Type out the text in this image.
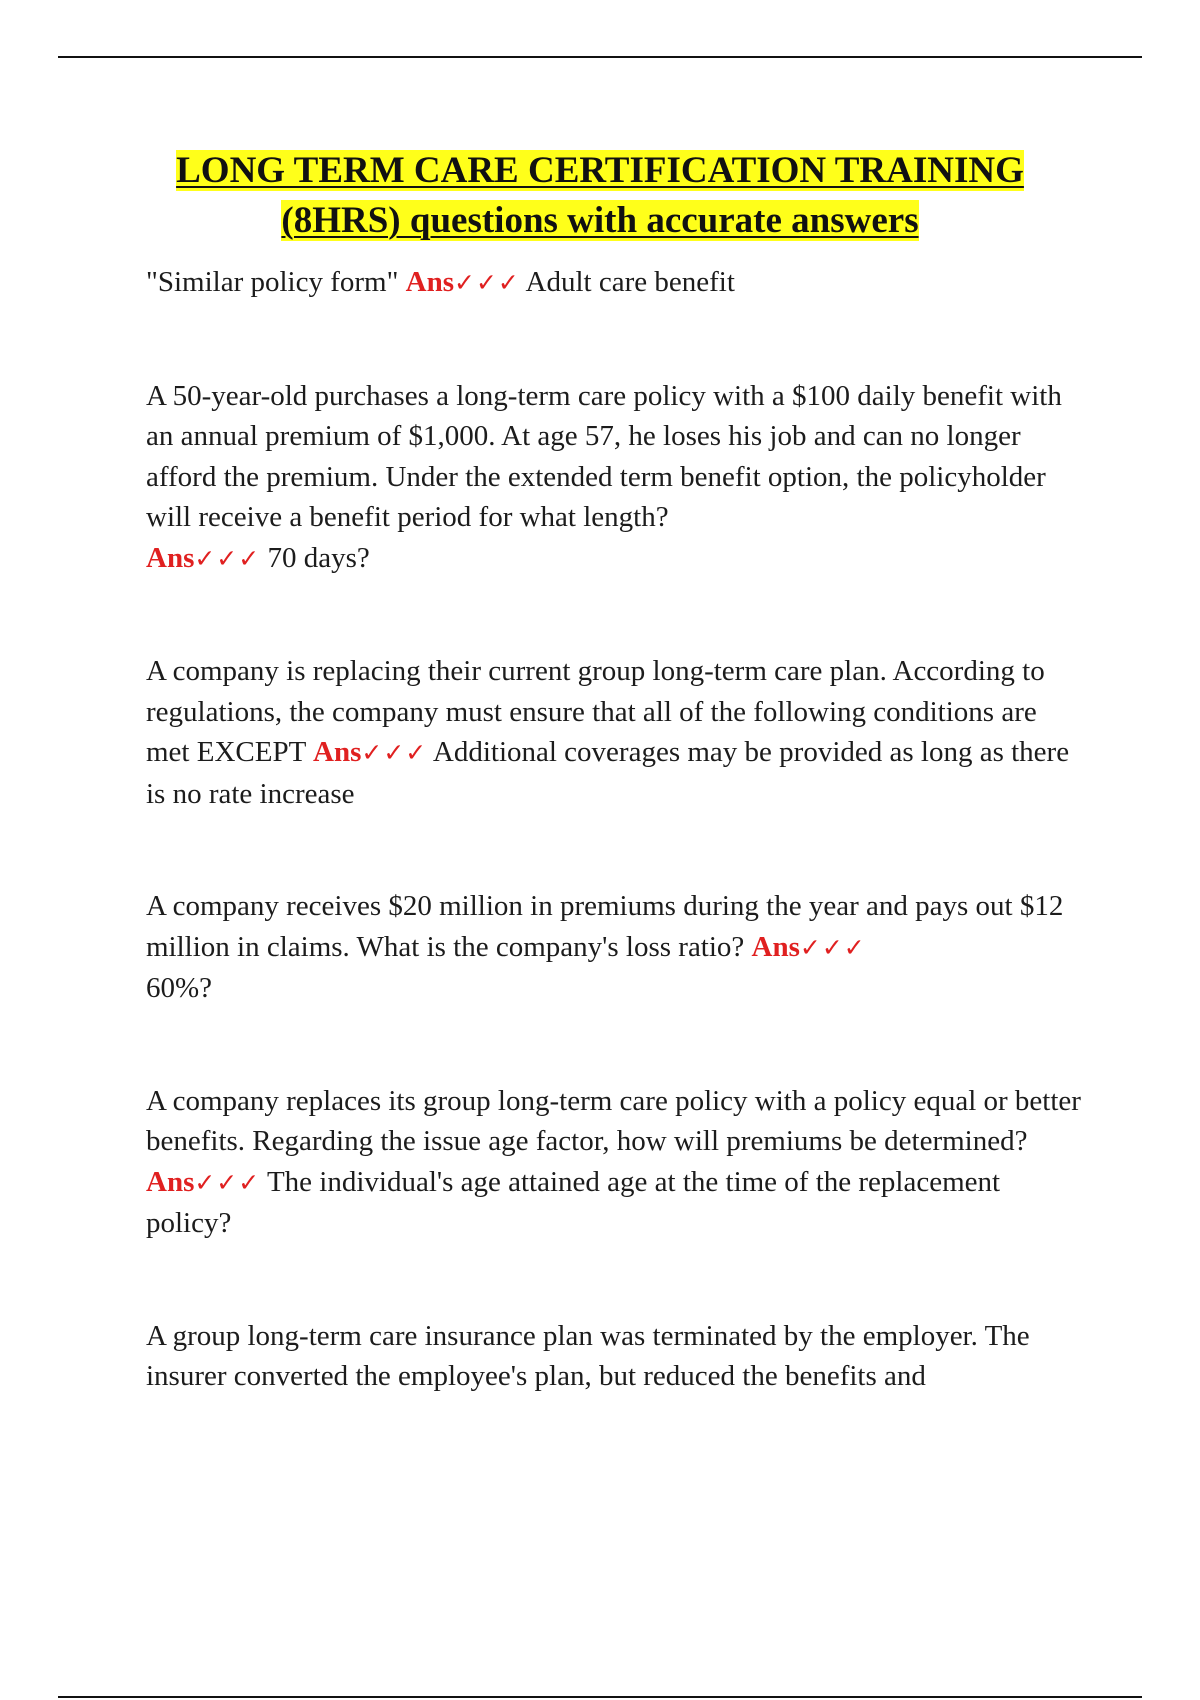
LONG TERM CARE CERTIFICATION TRAINING
(8HRS) questions with accurate answers

"Similar policy form" Ans✓✓✓ Adult care benefit

A 50-year-old purchases a long-term care policy with a $100 daily benefit with an annual premium of $1,000. At age 57, he loses his job and can no longer afford the premium. Under the extended term benefit option, the policyholder will receive a benefit period for what length?
Ans✓✓✓ 70 days?

A company is replacing their current group long-term care plan. According to regulations, the company must ensure that all of the following conditions are met EXCEPT Ans✓✓✓ Additional coverages may be provided as long as there is no rate increase

A company receives $20 million in premiums during the year and pays out $12 million in claims. What is the company's loss ratio? Ans✓✓✓
60%?

A company replaces its group long-term care policy with a policy equal or better benefits. Regarding the issue age factor, how will premiums be determined? Ans✓✓✓ The individual's age attained age at the time of the replacement policy?

A group long-term care insurance plan was terminated by the employer. The insurer converted the employee's plan, but reduced the benefits and
